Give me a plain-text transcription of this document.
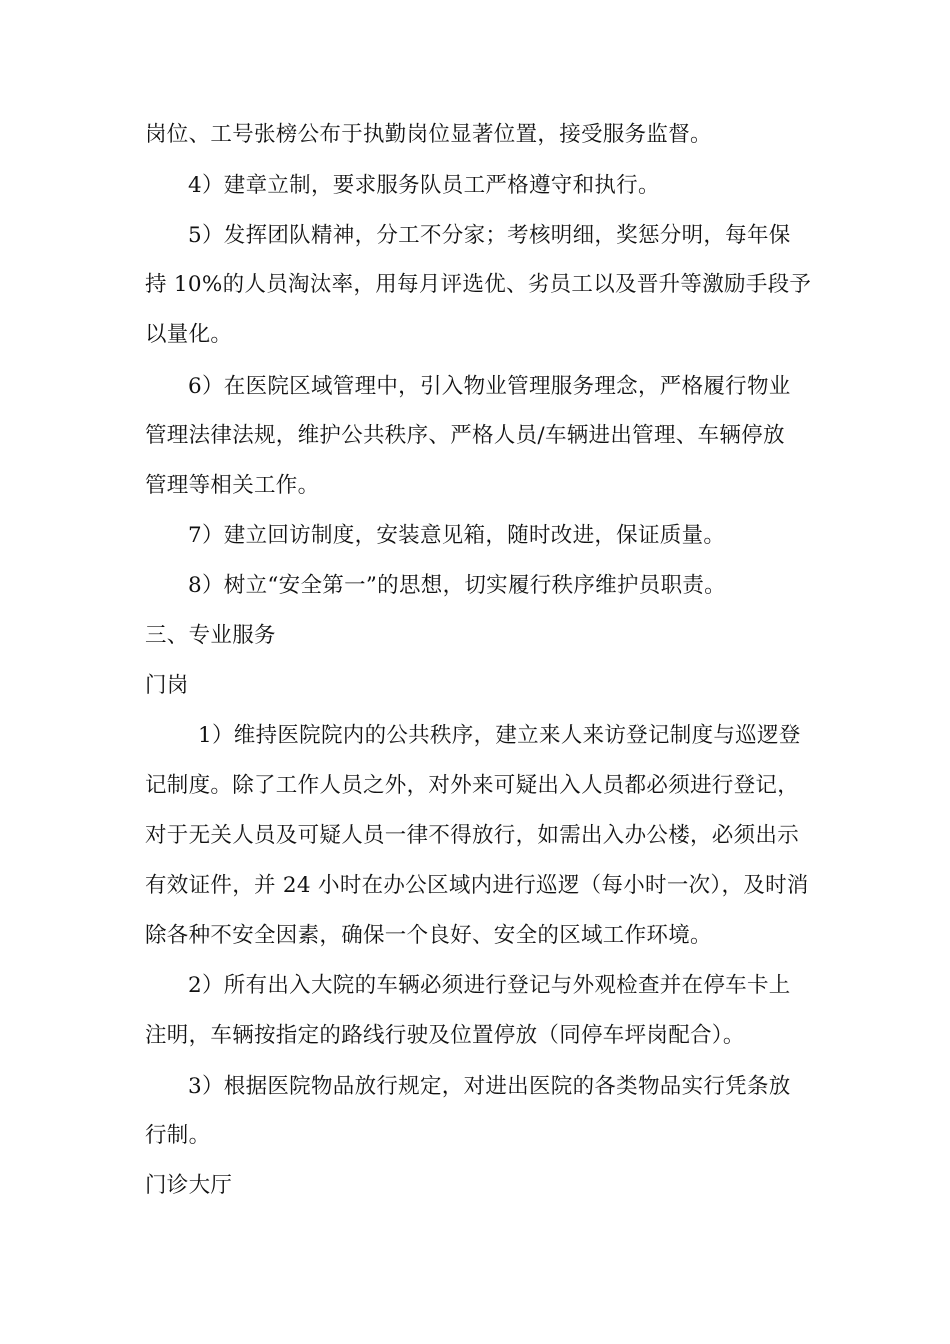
岗位、工号张榜公布于执勤岗位显著位置，接受服务监督。
4）建章立制，要求服务队员工严格遵守和执行。
5）发挥团队精神，分工不分家；考核明细，奖惩分明，每年保
持 10%的人员淘汰率，用每月评选优、劣员工以及晋升等激励手段予
以量化。
6）在医院区域管理中，引入物业管理服务理念，严格履行物业
管理法律法规，维护公共秩序、严格人员/车辆进出管理、车辆停放
管理等相关工作。
7）建立回访制度，安装意见箱，随时改进，保证质量。
8）树立“安全第一”的思想，切实履行秩序维护员职责。
三、专业服务
门岗
1）维持医院院内的公共秩序，建立来人来访登记制度与巡逻登
记制度。除了工作人员之外，对外来可疑出入人员都必须进行登记，
对于无关人员及可疑人员一律不得放行，如需出入办公楼，必须出示
有效证件，并 24 小时在办公区域内进行巡逻（每小时一次），及时消
除各种不安全因素，确保一个良好、安全的区域工作环境。
2）所有出入大院的车辆必须进行登记与外观检查并在停车卡上
注明，车辆按指定的路线行驶及位置停放（同停车坪岗配合）。
3）根据医院物品放行规定，对进出医院的各类物品实行凭条放
行制。
门诊大厅
